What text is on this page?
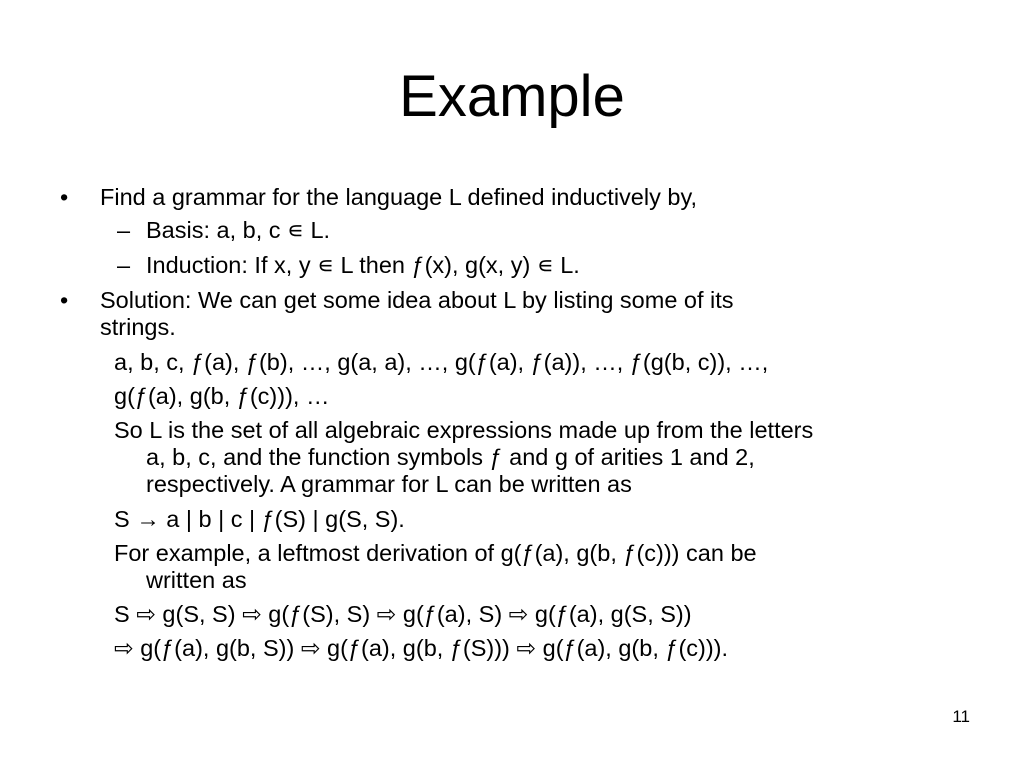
Example
• Find a grammar for the language L defined inductively by,
– Basis: a, b, c ∊ L.
– Induction: If x, y ∊ L then ƒ(x), g(x, y) ∊ L.
• Solution: We can get some idea about L by listing some of its
strings.
a, b, c, ƒ(a), ƒ(b), …, g(a, a), …, g(ƒ(a), ƒ(a)), …, ƒ(g(b, c)), …,
g(ƒ(a), g(b, ƒ(c))), …
So L is the set of all algebraic expressions made up from the letters
a, b, c, and the function symbols ƒ and g of arities 1 and 2,
respectively. A grammar for L can be written as
S → a | b | c | ƒ(S) | g(S, S).
For example, a leftmost derivation of g(ƒ(a), g(b, ƒ(c))) can be
written as
S ⇨ g(S, S) ⇨ g(ƒ(S), S) ⇨ g(ƒ(a), S) ⇨ g(ƒ(a), g(S, S))
⇨ g(ƒ(a), g(b, S)) ⇨ g(ƒ(a), g(b, ƒ(S))) ⇨ g(ƒ(a), g(b, ƒ(c))).
11
